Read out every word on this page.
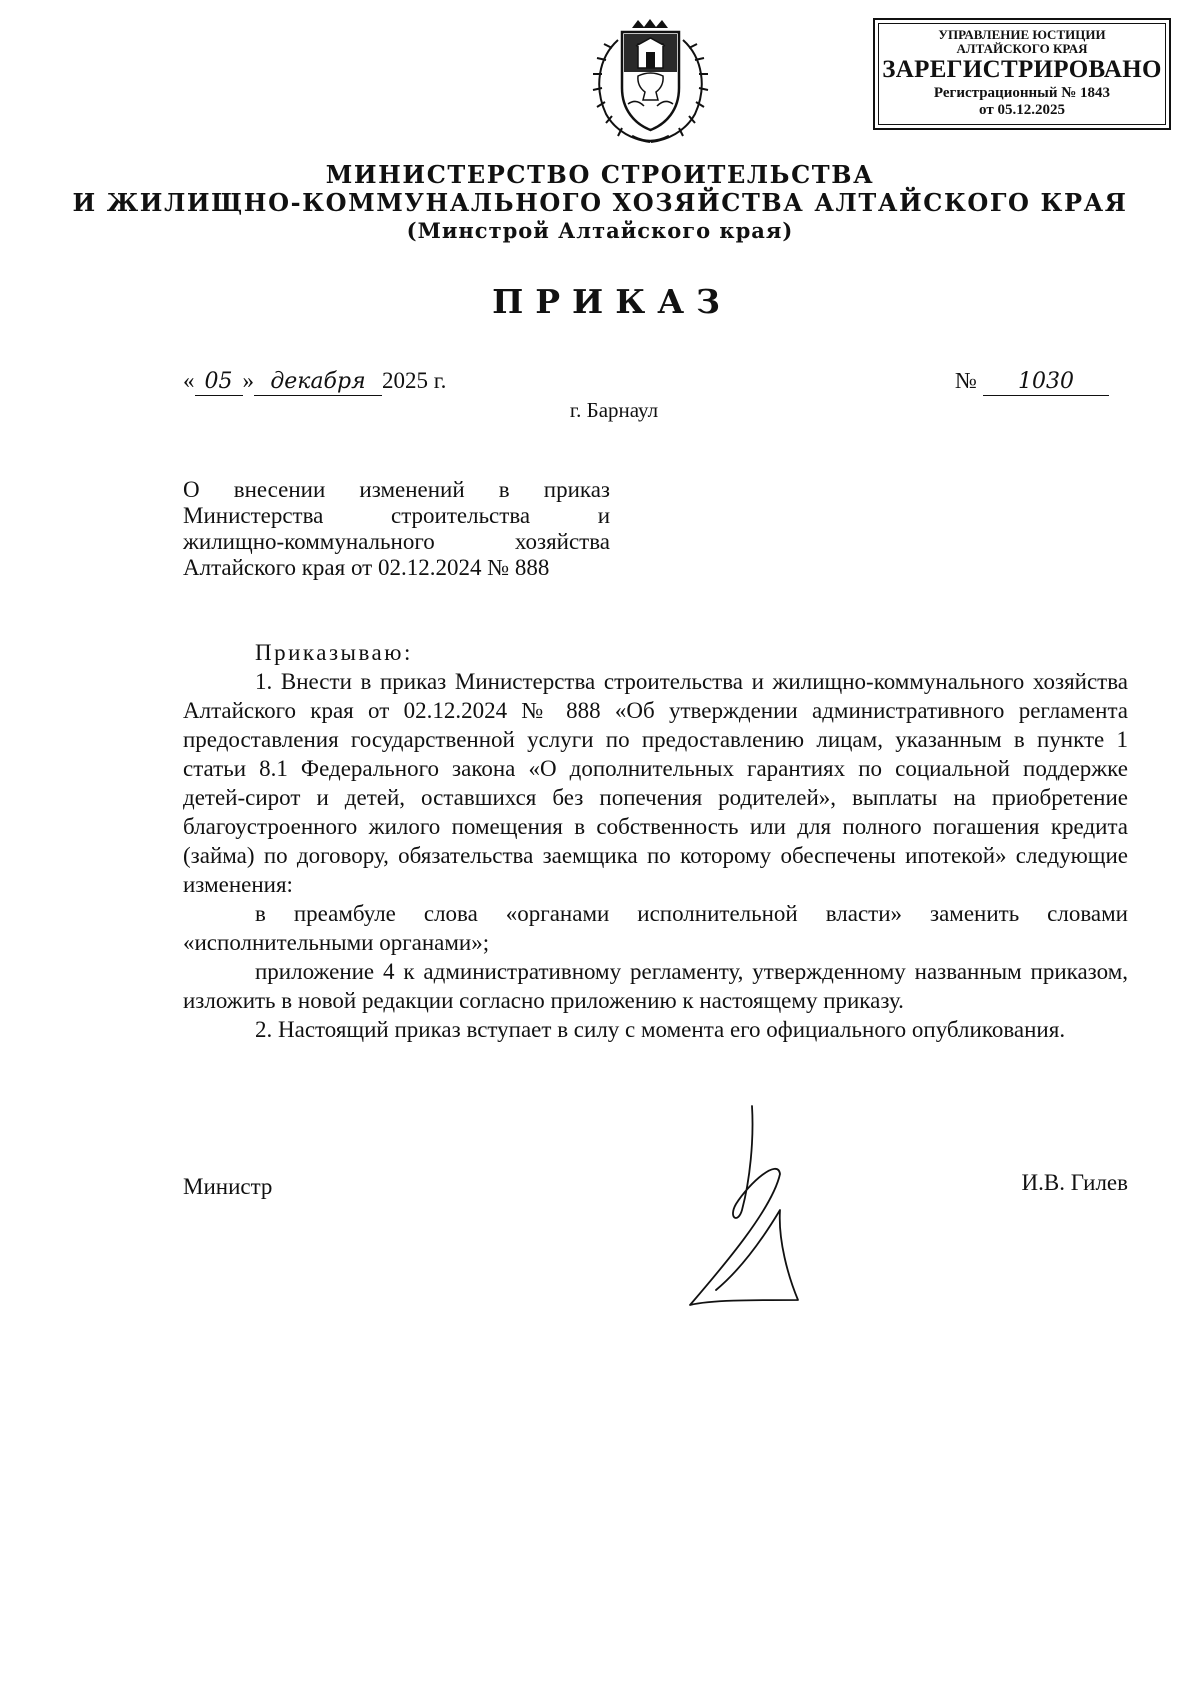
УПРАВЛЕНИЕ ЮСТИЦИИ
АЛТАЙСКОГО КРАЯ
ЗАРЕГИСТРИРОВАНО
Регистрационный № 1843
от 05.12.2025
МИНИСТЕРСТВО СТРОИТЕЛЬСТВА
И ЖИЛИЩНО-КОММУНАЛЬНОГО ХОЗЯЙСТВА АЛТАЙСКОГО КРАЯ
(Минстрой Алтайского края)
ПРИКАЗ
« 05 » декабря 2025 г.	№ 1030
г. Барнаул
О внесении изменений в приказ
Министерства строительства и
жилищно-коммунального хозяйства
Алтайского края от 02.12.2024 № 888

Приказываю:

1. Внести в приказ Министерства строительства и жилищно-коммунального хозяйства Алтайского края от 02.12.2024 № 888 «Об утверждении административного регламента предоставления государственной услуги по предоставлению лицам, указанным в пункте 1 статьи 8.1 Федерального закона «О дополнительных гарантиях по социальной поддержке детей-сирот и детей, оставшихся без попечения родителей», выплаты на приобретение благоустроенного жилого помещения в собственность или для полного погашения кредита (займа) по договору, обязательства заемщика по которому обеспечены ипотекой» следующие изменения:

в преамбуле слова «органами исполнительной власти» заменить словами «исполнительными органами»;

приложение 4 к административному регламенту, утвержденному названным приказом, изложить в новой редакции согласно приложению к настоящему приказу.

2. Настоящий приказ вступает в силу с момента его официального опубликования.

Министр	И.В. Гилев
